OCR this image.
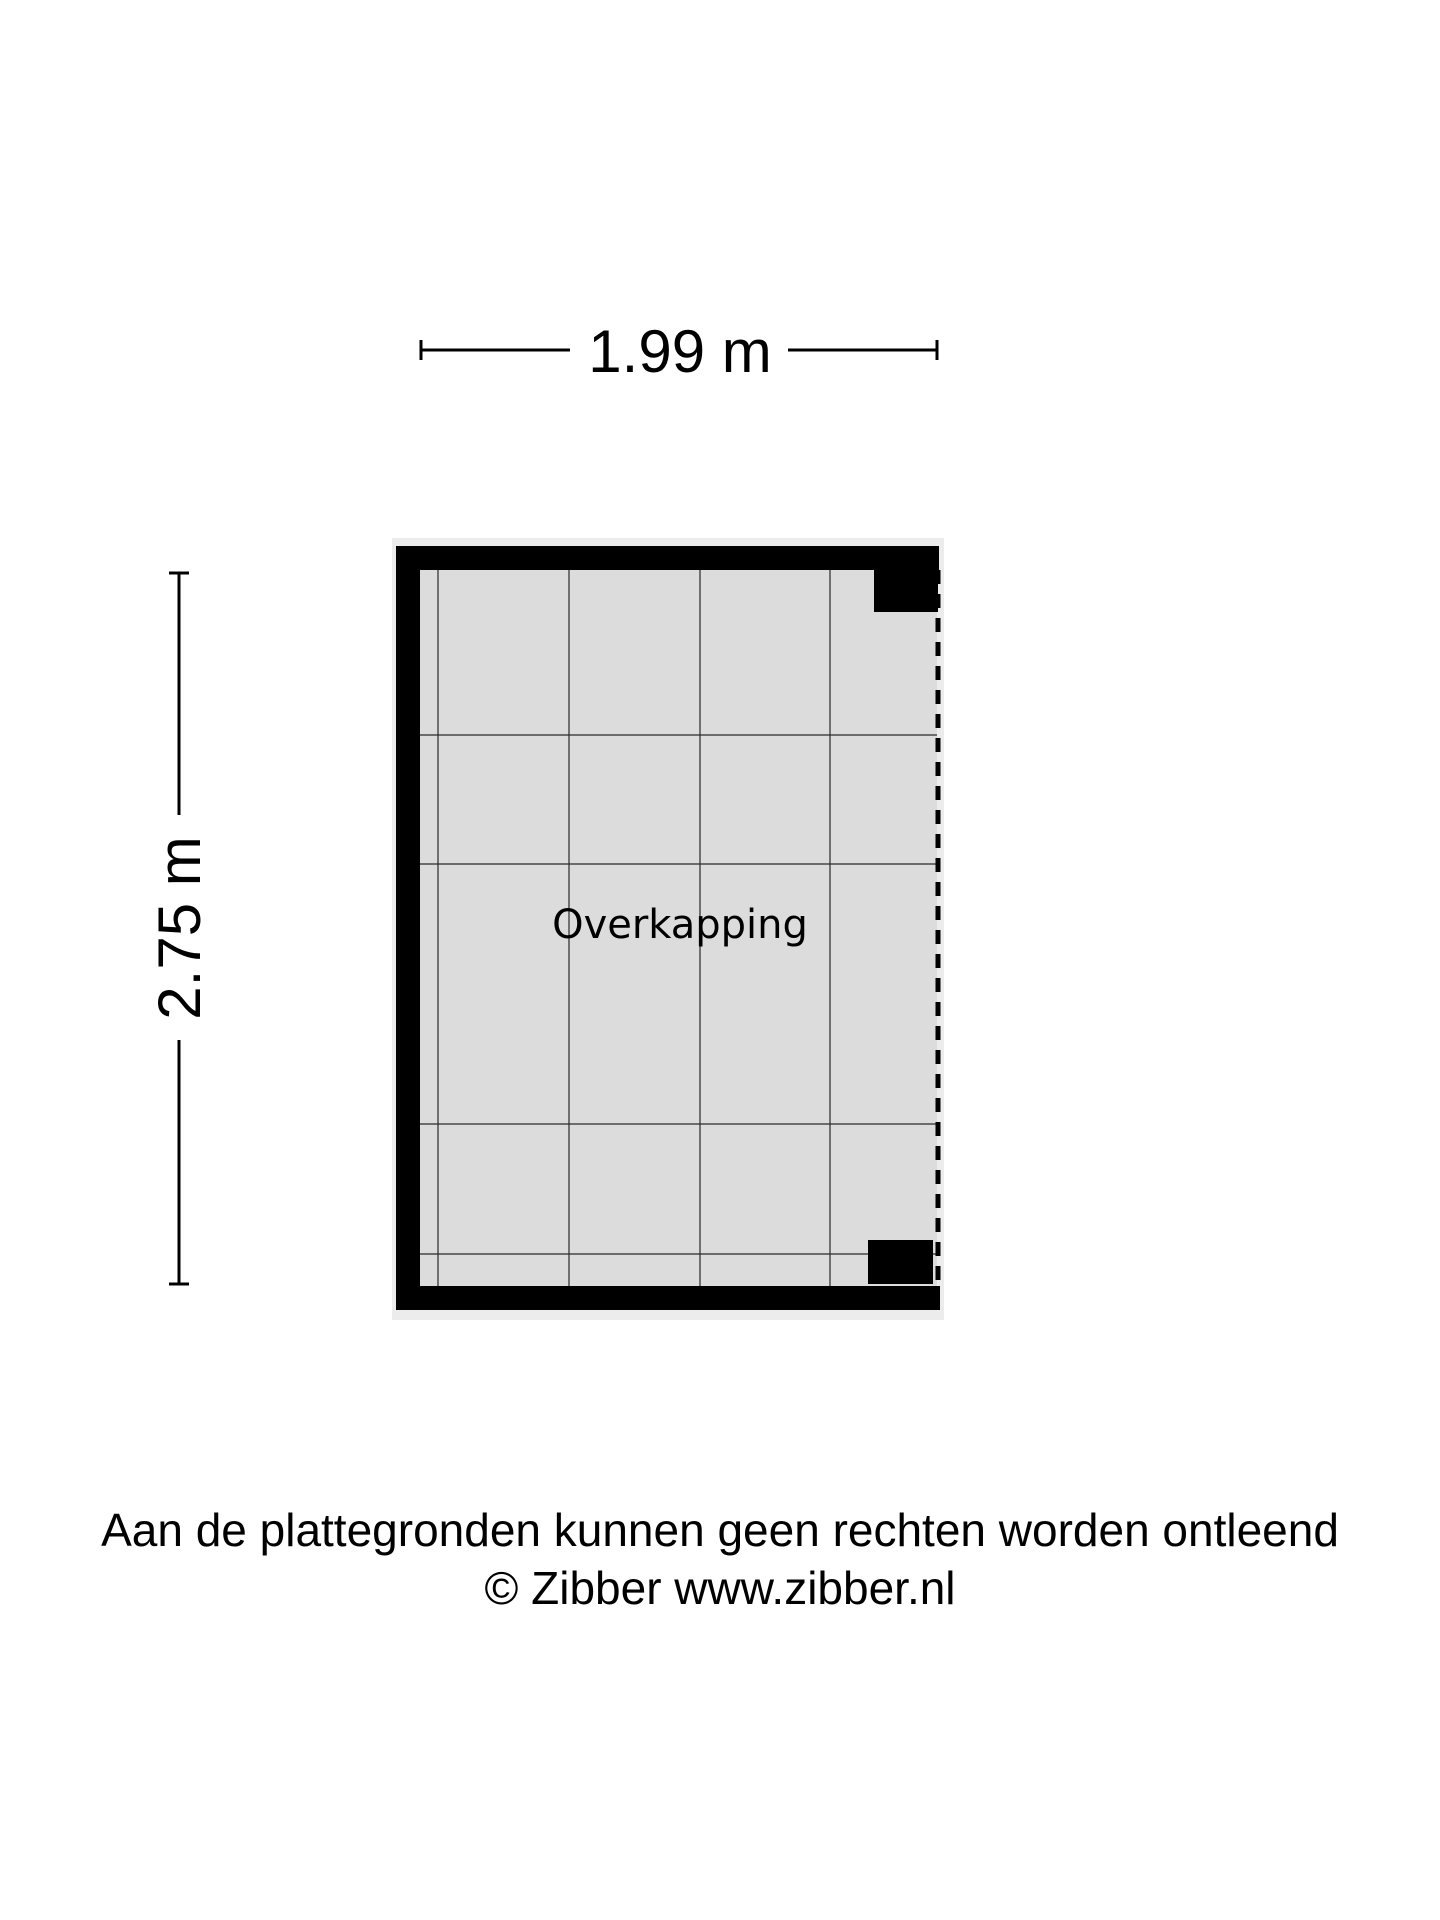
1.99 m
2.75 m	Overkapping
Aan de plattegronden kunnen geen rechten worden ontleend
© Zibber www.zibber.nl
